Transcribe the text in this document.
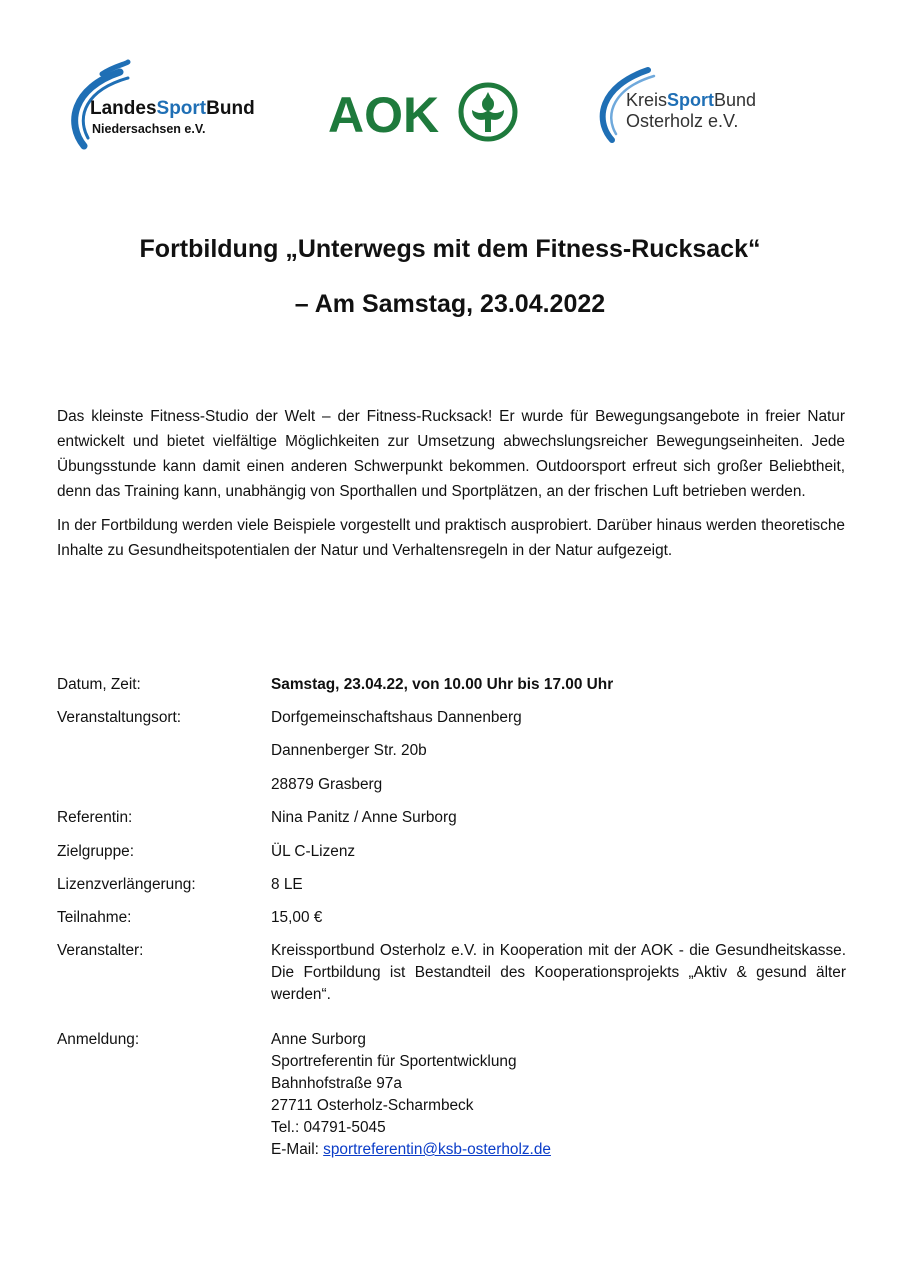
LandesSportBund
Niedersachsen e.V. AOK	KreisSportBund
Osterholz e.V.
Fortbildung „Unterwegs mit dem Fitness-Rucksack“
– Am Samstag, 23.04.2022

Das kleinste Fitness-Studio der Welt – der Fitness-Rucksack! Er wurde für Bewegungsangebote in freier Natur entwickelt und bietet vielfältige Möglichkeiten zur Umsetzung abwechslungsreicher Bewegungseinheiten. Jede Übungsstunde kann damit einen anderen Schwerpunkt bekommen. Outdoorsport erfreut sich großer Beliebtheit, denn das Training kann, unabhängig von Sporthallen und Sportplätzen, an der frischen Luft betrieben werden.

In der Fortbildung werden viele Beispiele vorgestellt und praktisch ausprobiert. Darüber hinaus werden theoretische Inhalte zu Gesundheitspotentialen der Natur und Verhaltensregeln in der Natur aufgezeigt.

Datum, Zeit:	Samstag, 23.04.22, von 10.00 Uhr bis 17.00 Uhr
Veranstaltungsort:	Dorfgemeinschaftshaus Dannenberg
Dannenberger Str. 20b
28879 Grasberg
Referentin:	Nina Panitz / Anne Surborg
Zielgruppe:	ÜL C-Lizenz
Lizenzverlängerung:	8 LE
Teilnahme:	15,00 €
Veranstalter:	Kreissportbund Osterholz e.V. in Kooperation mit der AOK - die Gesundheitskasse. Die Fortbildung ist Bestandteil des Kooperationsprojekts „Aktiv & gesund älter werden“.
Anmeldung:	Anne Surborg
Sportreferentin für Sportentwicklung
Bahnhofstraße 97a
27711 Osterholz-Scharmbeck
Tel.: 04791-5045
E-Mail: sportreferentin@ksb-osterholz.de
